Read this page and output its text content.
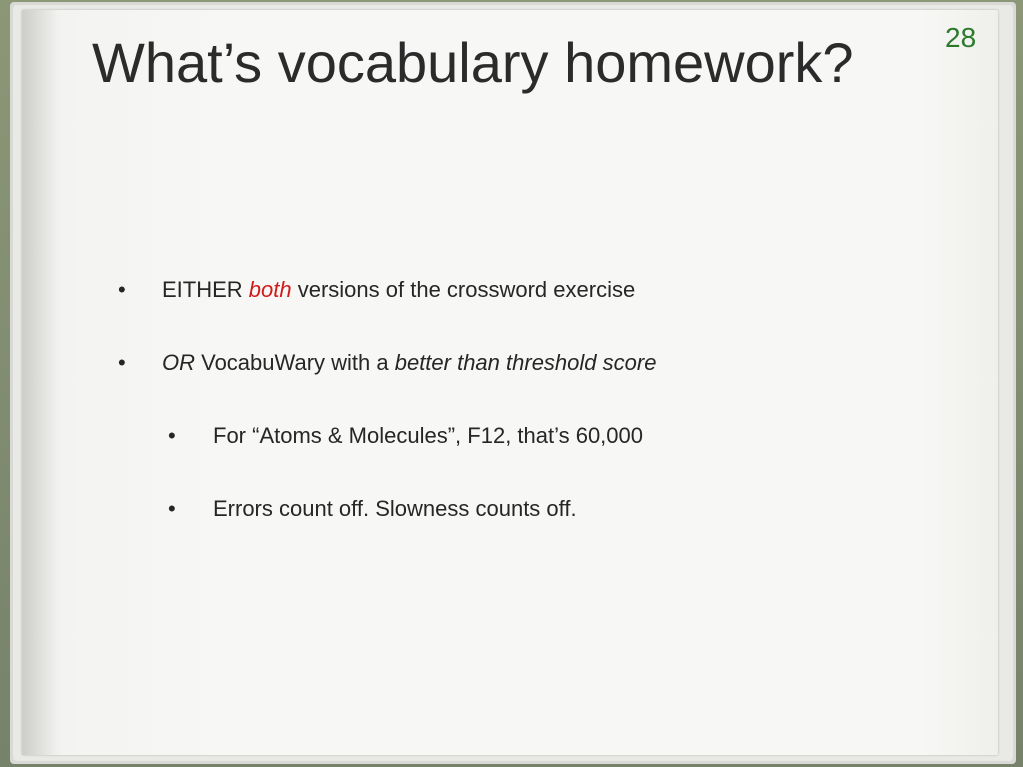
28
What’s vocabulary homework?
• EITHER both versions of the crossword exercise
• OR VocabuWary with a better than threshold score
• For “Atoms & Molecules”, F12, that’s 60,000
• Errors count off. Slowness counts off.
